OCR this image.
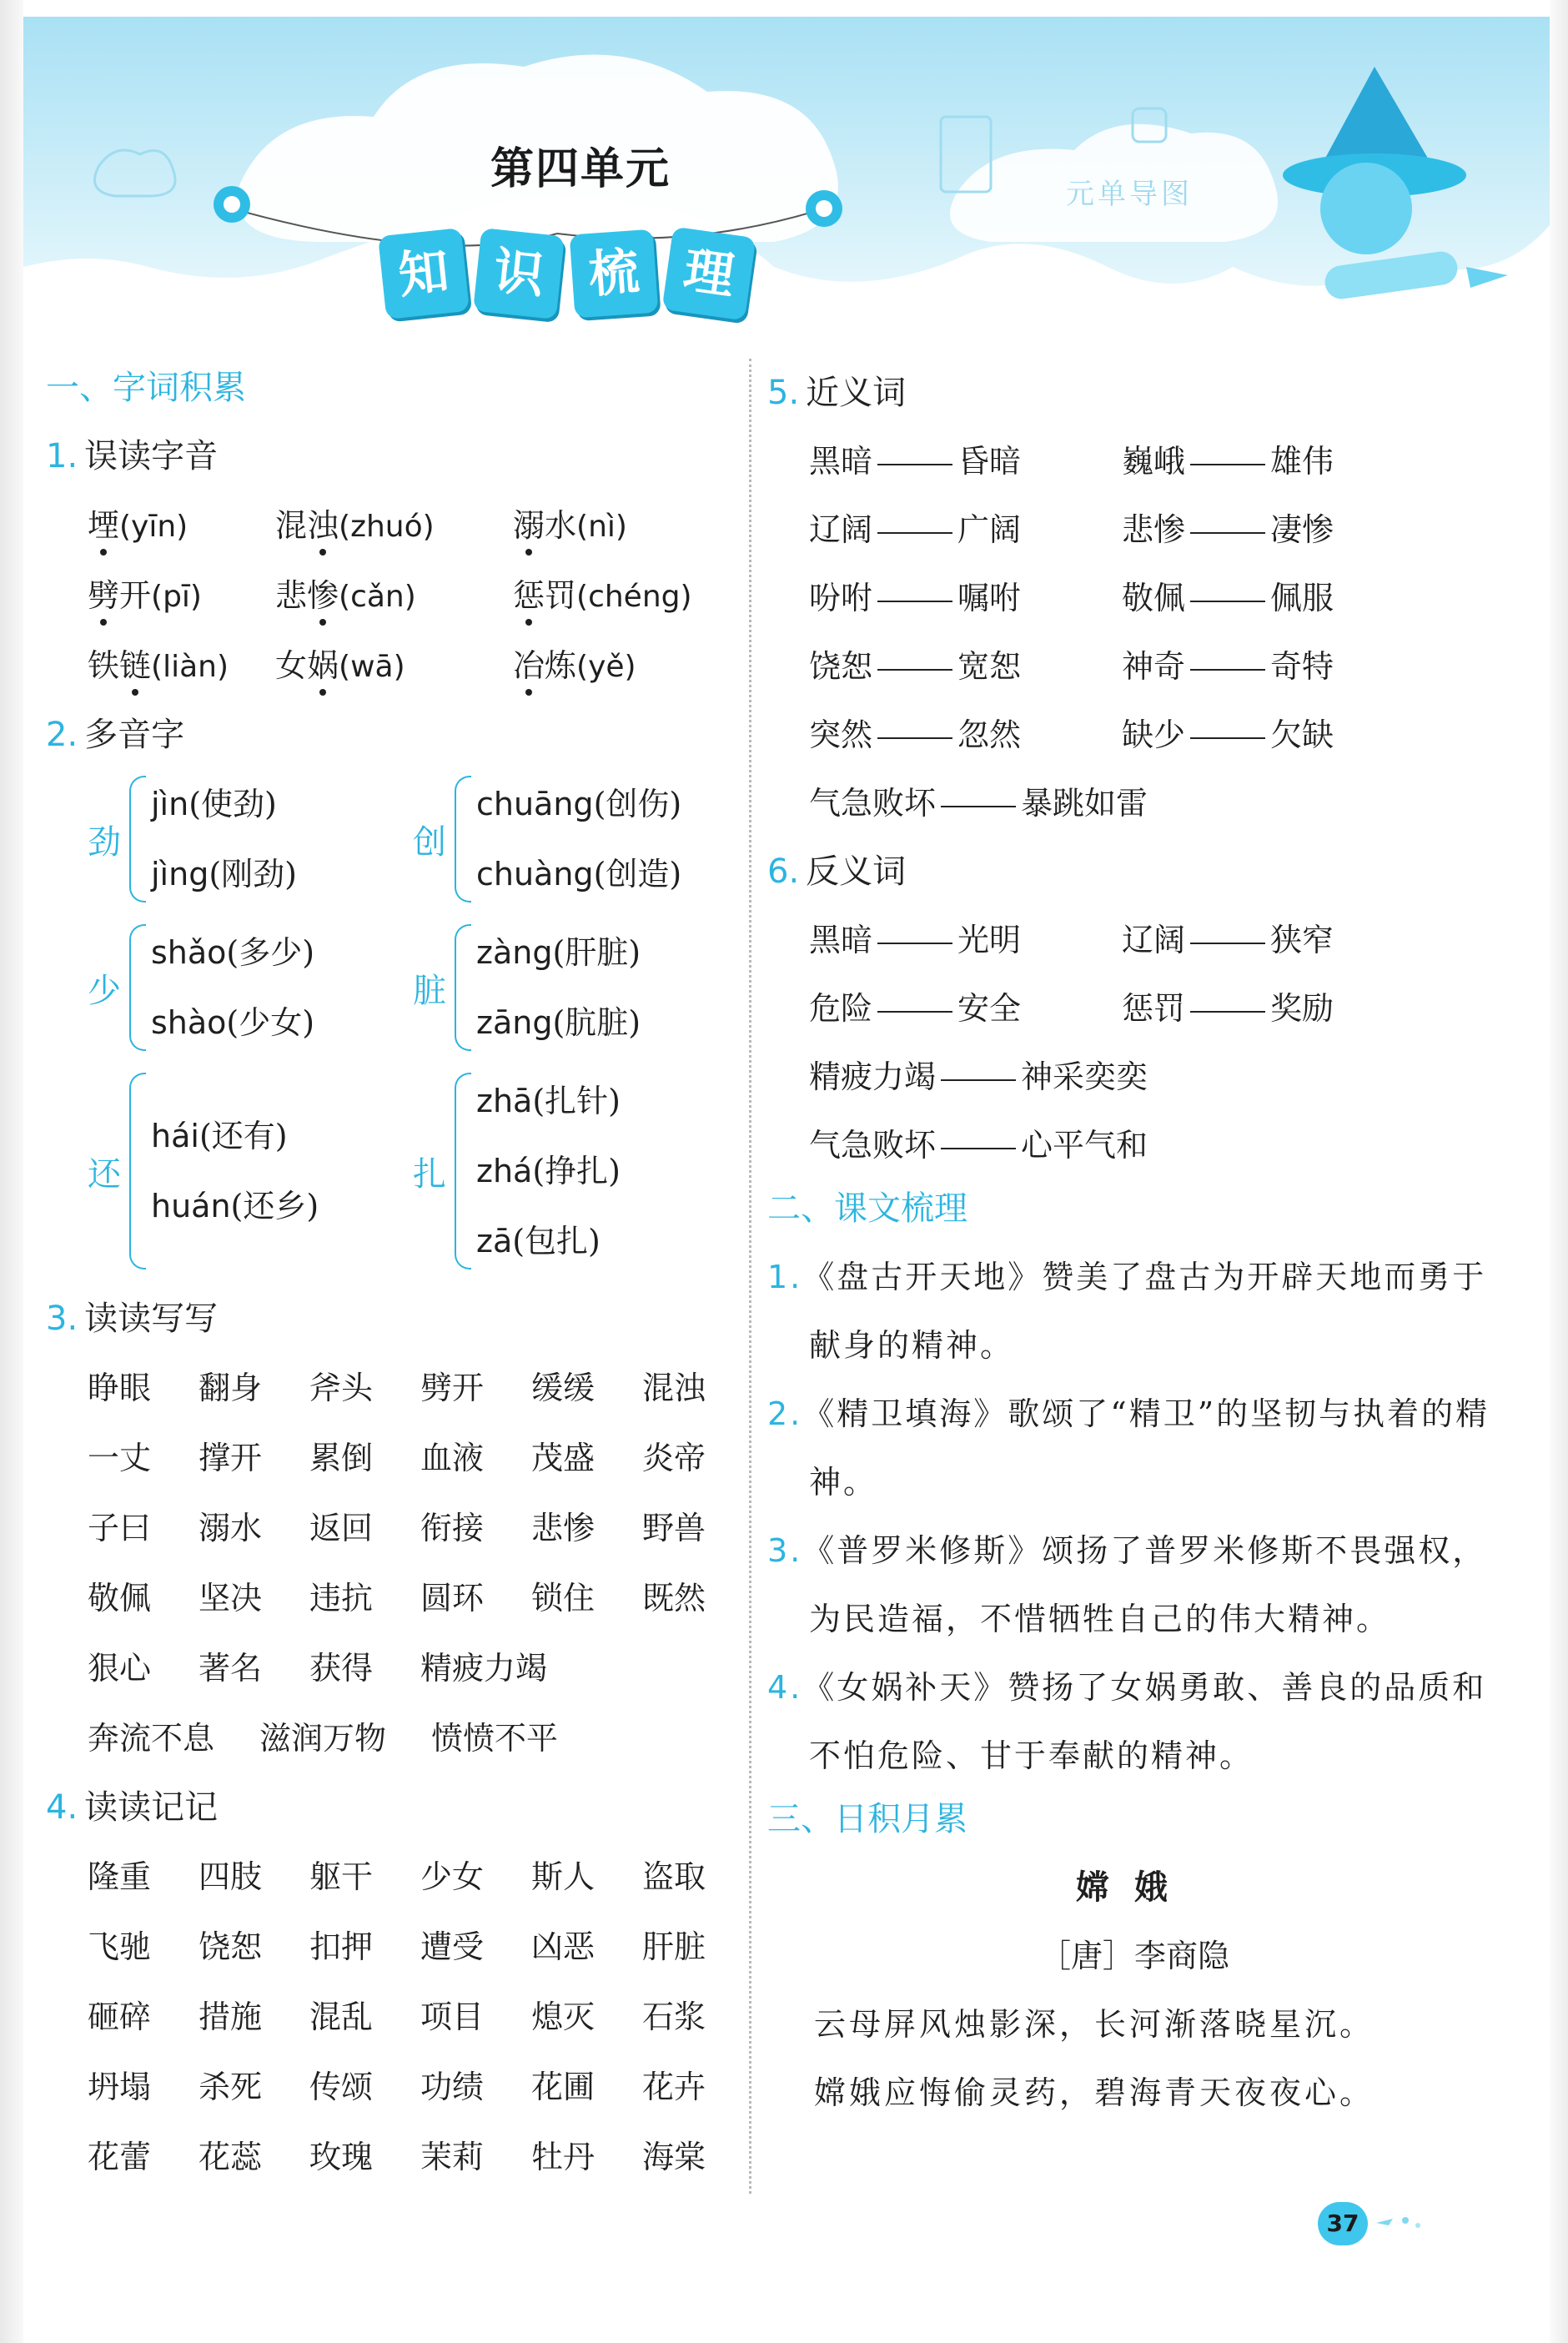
第四单元	元单导图
知 识 梳 理
一、字词积累
1. 误读字音
堙(yīn)	混浊(zhuó)	溺水(nì)
劈开(pī)	悲惨(cǎn)	惩罚(chéng)
铁链(liàn)	女娲(wā)	冶炼(yě)
2. 多音字
劲
jìn(使劲)
jìng(刚劲)
创
chuāng(创伤)
chuàng(创造)
少
shǎo(多少)
shào(少女)
脏
zàng(肝脏)
zāng(肮脏)
还
hái(还有)
huán(还乡)
扎
zhā(扎针)
zhá(挣扎)
zā(包扎)
3. 读读写写
睁眼	翻身	斧头	劈开	缓缓	混浊
一丈	撑开	累倒	血液	茂盛	炎帝
子曰	溺水	返回	衔接	悲惨	野兽
敬佩	坚决	违抗	圆环	锁住	既然
狠心	著名	获得	精疲力竭
奔流不息 滋润万物 愤愤不平
4. 读读记记
隆重	四肢	躯干	少女	斯人	盗取
飞驰	饶恕	扣押	遭受	凶恶	肝脏
砸碎	措施	混乱	项目	熄灭	石浆
坍塌	杀死	传颂	功绩	花圃	花卉
花蕾	花蕊	玫瑰	茉莉	牡丹	海棠
5. 近义词
黑暗	昏暗	巍峨	雄伟
辽阔	广阔	悲惨	凄惨
吩咐	嘱咐	敬佩	佩服
饶恕	宽恕	神奇	奇特
突然	忽然	缺少	欠缺
气急败坏	暴跳如雷
6. 反义词
黑暗	光明	辽阔	狭窄
危险	安全	惩罚	奖励
精疲力竭	神采奕奕
气急败坏	心平气和
二、课文梳理
1.《盘古开天地》赞美了盘古为开辟天地而勇于献身的精神。
2.《精卫填海》歌颂了“精卫”的坚韧与执着的精神。
3.《普罗米修斯》颂扬了普罗米修斯不畏强权，为民造福，不惜牺牲自己的伟大精神。
4.《女娲补天》赞扬了女娲勇敢、善良的品质和不怕危险、甘于奉献的精神。
三、日积月累
嫦娥
［唐］李商隐
云母屏风烛影深，长河渐落晓星沉。
嫦娥应悔偷灵药，碧海青天夜夜心。
37
